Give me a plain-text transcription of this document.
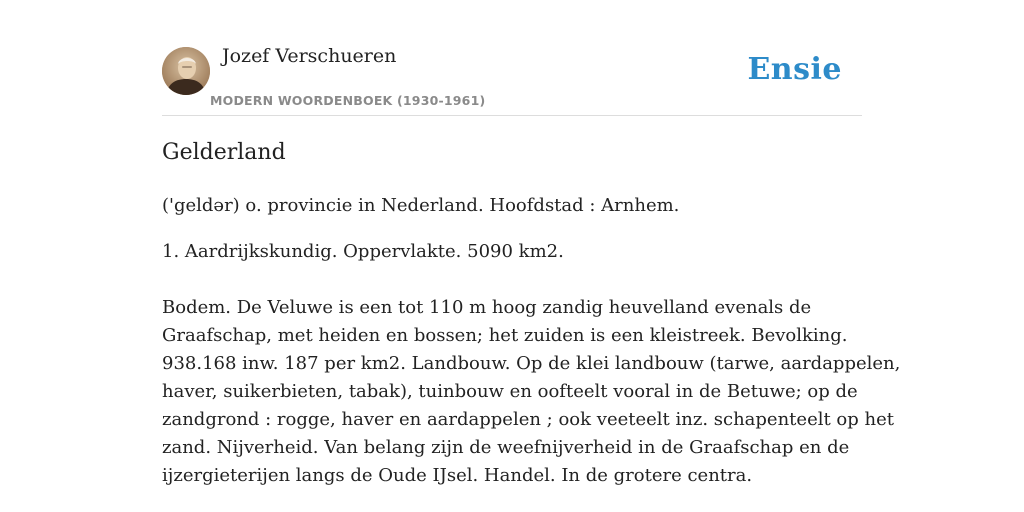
Jozef Verschueren
MODERN WOORDENBOEK (1930-1961)
Ensie
Gelderland

('geldər) o. provincie in Nederland. Hoofdstad : Arnhem.

1. Aardrijkskundig. Oppervlakte. 5090 km2.

Bodem. De Veluwe is een tot 110 m hoog zandig heuvelland evenals de
Graafschap, met heiden en bossen; het zuiden is een kleistreek. Bevolking.
938.168 inw. 187 per km2. Landbouw. Op de klei landbouw (tarwe, aardappelen,
haver, suikerbieten, tabak), tuinbouw en oofteelt vooral in de Betuwe; op de
zandgrond : rogge, haver en aardappelen ; ook veeteelt inz. schapenteelt op het
zand. Nijverheid. Van belang zijn de weefnijverheid in de Graafschap en de
ijzergieterijen langs de Oude IJsel. Handel. In de grotere centra.
